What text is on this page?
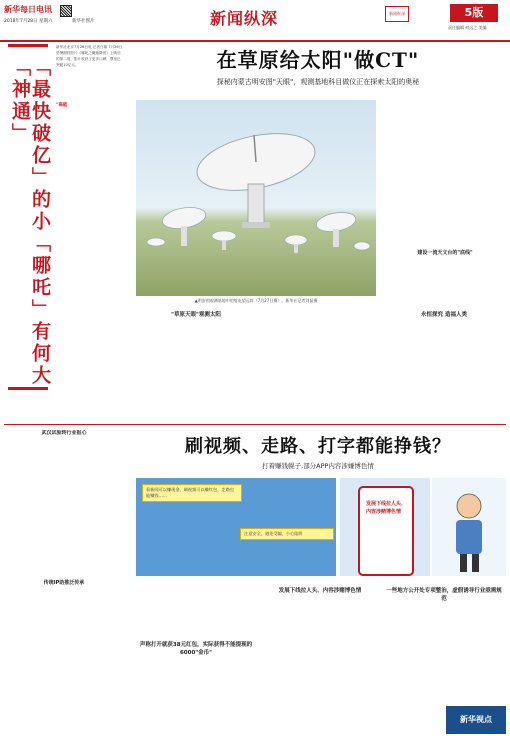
新华每日电讯
2018年7月28日 星期六	新华社图片	新闻纵深	新闻纵深	5版
责任编辑 何远之 美编
「最快破亿」的小「哪吒」有何大「神通」
新华社北京7月28日电 记者白瑜 7月26日是暑期档影片《哪吒之魔童降世》上映后的第二周，影片收获了更多口碑，票房已突破10亿元。
"高能
在草原给太阳"做CT"
探秘内蒙古明安图"天眼"，观测基地科目做仪正在探索太阳的奥秘
▲明安图观测基地中的射电望远阵（7月27日摄）。新华社记者刘磊摄
建设一流天文台的"底线"
"草原天眼"观测太阳	永恒探究 造福人类
武汉试验转行业报心
传统IP助推泛传承
刷视频、走路、打字都能挣钱？
打着赚钱幌子,部分APP内容涉嫌博色情
看新闻可以赚现金，刷视频可以赚红包，走路也能赚钱……
注意安全，避免受骗，小心陷阱
发展下线拉人头、内容涉赌博色情
声称打开就获38元红包，实际获得不能提现的6000"金币"
发展下线拉人头、内容涉赌博色情	一些地方公开处专项整治，虚假诱导行业亟需规范
新华视点
